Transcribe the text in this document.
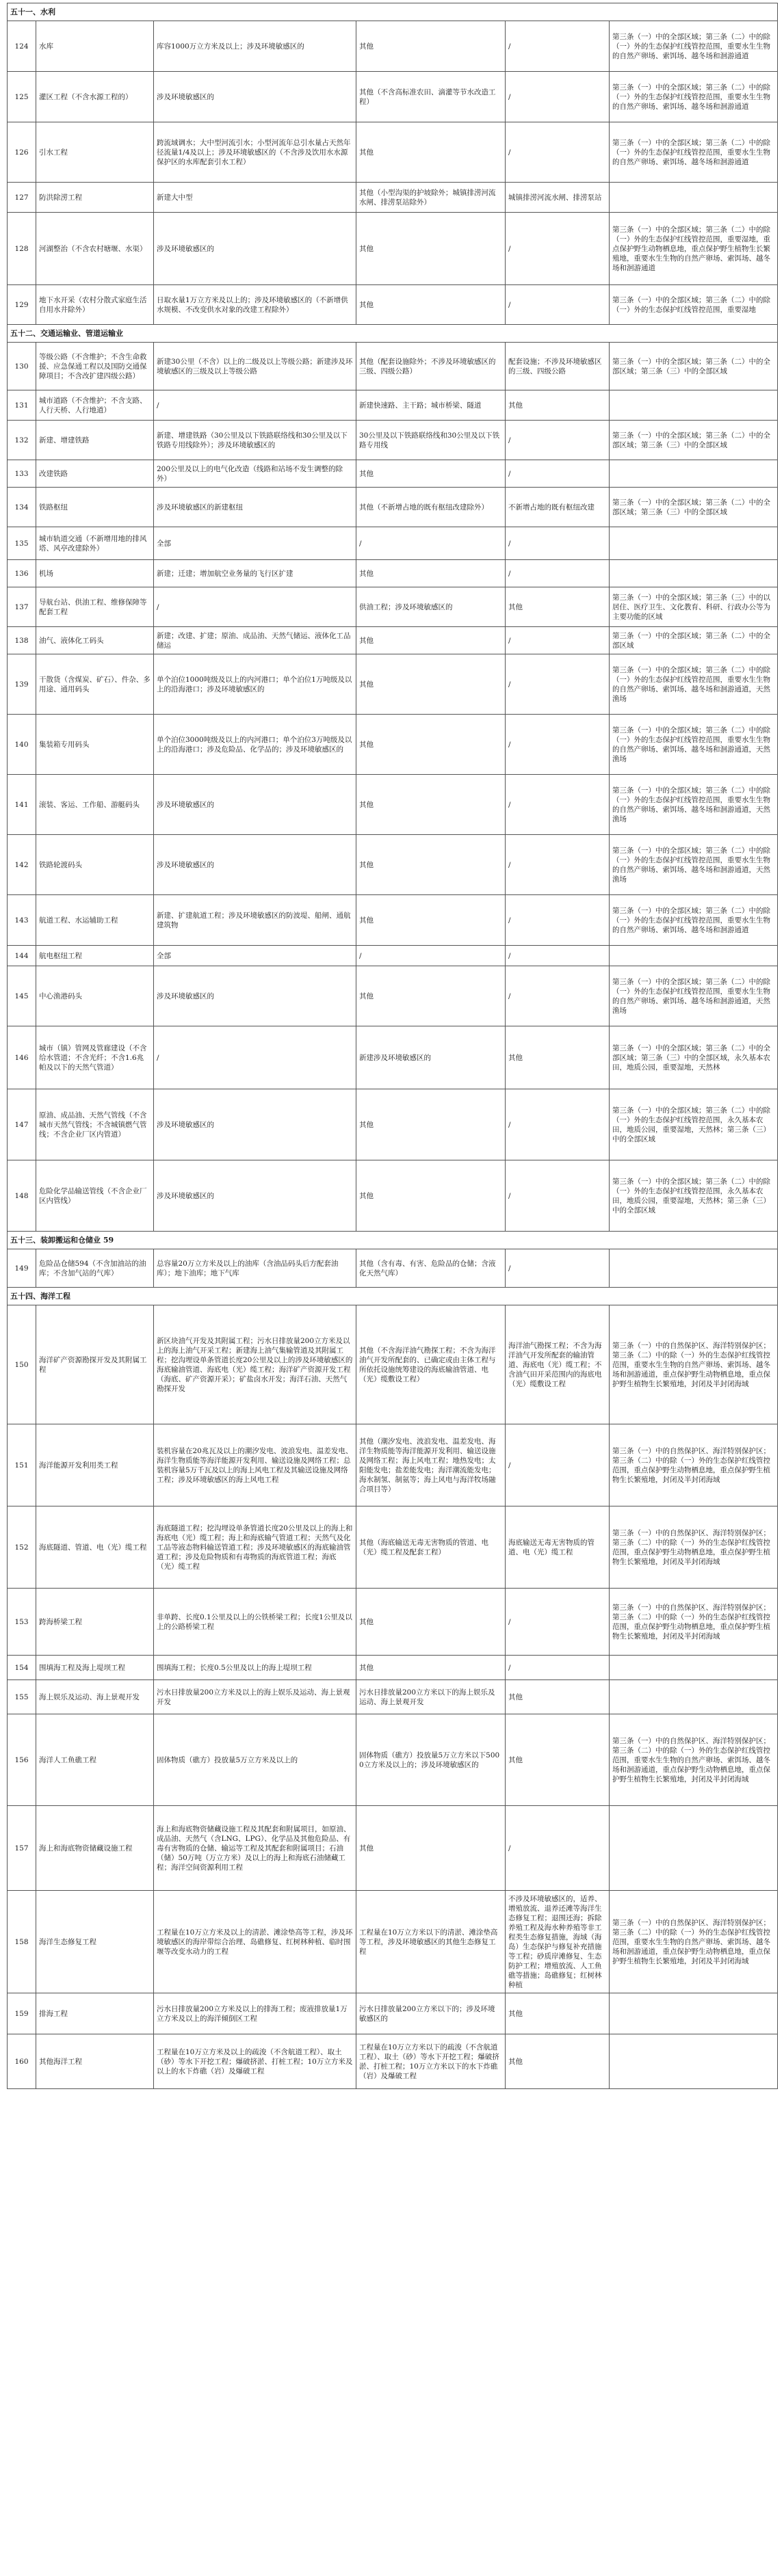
五十一、水利					
124	水库	库容1000万立方米及以上；涉及环境敏感区的	其他	/	第三条（一）中的全部区域；第三条（二）中的除（一）外的生态保护红线管控范围，重要水生生物的自然产卵场、索饵场、越冬场和洄游通道
125	灌区工程（不含水源工程的）	涉及环境敏感区的	其他（不含高标准农田、滴灌等节水改造工程）	/	第三条（一）中的全部区域；第三条（二）中的除（一）外的生态保护红线管控范围，重要水生生物的自然产卵场、索饵场、越冬场和洄游通道
126	引水工程	跨流域调水；大中型河流引水；小型河流年总引水量占天然年径流量1/4及以上；涉及环境敏感区的（不含涉及饮用水水源保护区的水库配套引水工程）	其他	/	第三条（一）中的全部区域；第三条（二）中的除（一）外的生态保护红线管控范围，重要水生生物的自然产卵场、索饵场、越冬场和洄游通道
127	防洪除涝工程	新建大中型	其他（小型沟渠的护坡除外；城镇排涝河流水闸、排涝泵站除外）	城镇排涝河流水闸、排涝泵站	
128	河湖整治（不含农村塘堰、水渠）	涉及环境敏感区的	其他	/	第三条（一）中的全部区域；第三条（二）中的除（一）外的生态保护红线管控范围，重要湿地，重点保护野生动物栖息地，重点保护野生植物生长繁殖地，重要水生生物的自然产卵场、索饵场、越冬场和洄游通道
129	地下水开采（农村分散式家庭生活自用水井除外）	日取水量1万立方米及以上的；涉及环境敏感区的（不新增供水规模、不改变供水对象的改建工程除外）	其他	/	第三条（一）中的全部区域；第三条（二）中的除（一）外的生态保护红线管控范围，重要湿地
五十二、交通运输业、管道运输业					
130	等级公路（不含维护；不含生命救援、应急保通工程以及国防交通保障项目；不含改扩建四级公路）	新建30公里（不含）以上的二级及以上等级公路；新建涉及环境敏感区的三级及以上等级公路	其他（配套设施除外；不涉及环境敏感区的三级、四级公路）	配套设施；不涉及环境敏感区的三级、四级公路	第三条（一）中的全部区域；第三条（二）中的全部区域；第三条（三）中的全部区域
131	城市道路（不含维护；不含支路、人行天桥、人行地道）	/	新建快速路、主干路；城市桥梁、隧道	其他	
132	新建、增建铁路	新建、增建铁路（30公里及以下铁路联络线和30公里及以下铁路专用线除外）；涉及环境敏感区的	30公里及以下铁路联络线和30公里及以下铁路专用线	/	第三条（一）中的全部区域；第三条（二）中的全部区域；第三条（三）中的全部区域
133	改建铁路	200公里及以上的电气化改造（线路和站场不发生调整的除外）	其他	/	
134	铁路枢纽	涉及环境敏感区的新建枢纽	其他（不新增占地的既有枢纽改建除外）	不新增占地的既有枢纽改建	第三条（一）中的全部区域；第三条（二）中的全部区域；第三条（三）中的全部区域
135	城市轨道交通（不新增用地的排风塔、风亭改建除外）	全部	/	/	
136	机场	新建；迁建；增加航空业务量的飞行区扩建	其他	/	
137	导航台站、供油工程、维修保障等配套工程	/	供油工程；涉及环境敏感区的	其他	第三条（一）中的全部区域；第三条（三）中的以居住、医疗卫生、文化教育、科研、行政办公等为主要功能的区域
138	油气、液体化工码头	新建；改建、扩建；原油、成品油、天然气储运、液体化工品储运	其他	/	第三条（一）中的全部区域；第三条（二）中的全部区域
139	干散货（含煤炭、矿石）、件杂、多用途、通用码头	单个泊位1000吨级及以上的内河港口；单个泊位1万吨级及以上的沿海港口；涉及环境敏感区的	其他	/	第三条（一）中的全部区域；第三条（二）中的除（一）外的生态保护红线管控范围，重要水生生物的自然产卵场、索饵场、越冬场和洄游通道，天然渔场
140	集装箱专用码头	单个泊位3000吨级及以上的内河港口；单个泊位3万吨级及以上的沿海港口；涉及危险品、化学品的；涉及环境敏感区的	其他	/	第三条（一）中的全部区域；第三条（二）中的除（一）外的生态保护红线管控范围，重要水生生物的自然产卵场、索饵场、越冬场和洄游通道，天然渔场
141	滚装、客运、工作船、游艇码头	涉及环境敏感区的	其他	/	第三条（一）中的全部区域；第三条（二）中的除（一）外的生态保护红线管控范围，重要水生生物的自然产卵场、索饵场、越冬场和洄游通道，天然渔场
142	铁路轮渡码头	涉及环境敏感区的	其他	/	第三条（一）中的全部区域；第三条（二）中的除（一）外的生态保护红线管控范围，重要水生生物的自然产卵场、索饵场、越冬场和洄游通道，天然渔场
143	航道工程、水运辅助工程	新建、扩建航道工程；涉及环境敏感区的防波堤、船闸、通航建筑物	其他	/	第三条（一）中的全部区域；第三条（二）中的除（一）外的生态保护红线管控范围，重要水生生物的自然产卵场、索饵场、越冬场和洄游通道
144	航电枢纽工程	全部	/	/	
145	中心渔港码头	涉及环境敏感区的	其他	/	第三条（一）中的全部区域；第三条（二）中的除（一）外的生态保护红线管控范围，重要水生生物的自然产卵场、索饵场、越冬场和洄游通道，天然渔场
146	城市（镇）管网及管廊建设（不含给水管道；不含光纤；不含1.6兆帕及以下的天然气管道）	/	新建涉及环境敏感区的	其他	第三条（一）中的全部区域；第三条（二）中的全部区域；第三条（三）中的全部区域，永久基本农田，地质公园，重要湿地，天然林
147	原油、成品油、天然气管线（不含城市天然气管线；不含城镇燃气管线；不含企业厂区内管道）	涉及环境敏感区的	其他	/	第三条（一）中的全部区域；第三条（二）中的除（一）外的生态保护红线管控范围，永久基本农田，地质公园，重要湿地，天然林；第三条（三）中的全部区域
148	危险化学品输送管线（不含企业厂区内管线）	涉及环境敏感区的	其他	/	第三条（一）中的全部区域；第三条（二）中的除（一）外的生态保护红线管控范围，永久基本农田，地质公园，重要湿地，天然林；第三条（三）中的全部区域
五十三、装卸搬运和仓储业 59					
149	危险品仓储594（不含加油站的油库；不含加气站的气库）	总容量20万立方米及以上的油库（含油品码头后方配套油库）；地下油库；地下气库	其他（含有毒、有害、危险品的仓储；含液化天然气库）	/	
五十四、海洋工程					
150	海洋矿产资源勘探开发及其附属工程	新区块油气开发及其附属工程；污水日排放量200立方米及以上的海上油气开采工程；新建海上油气集输管道及其附属工程；挖沟埋设单条管道长度20公里及以上的涉及环境敏感区的海底输油管道、海底电（光）缆工程；海洋矿产资源开发工程（海底、矿产资源开采）；矿盐卤水开发；海洋石油、天然气勘探开发	其他（不含海洋油气勘探工程；不含为海洋油气开发所配套的、已确定或由主体工程与所依托设施统筹建设的海底输油管道、电（光）缆敷设工程）	海洋油气勘探工程；不含为海洋油气开发所配套的输油管道、海底电（光）缆工程；不含油气田开采范围内的海底电（光）缆敷设工程	第三条（一）中的自然保护区、海洋特别保护区；第三条（二）中的除（一）外的生态保护红线管控范围，重要水生生物的自然产卵场、索饵场、越冬场和洄游通道，重点保护野生动物栖息地，重点保护野生植物生长繁殖地，封闭及半封闭海域
151	海洋能源开发利用类工程	装机容量在20兆瓦及以上的潮汐发电、波浪发电、温差发电、海洋生物质能等海洋能源开发利用、输送设施及网络工程；总装机容量5万千瓦及以上的海上风电工程及其输送设施及网络工程；涉及环境敏感区的海上风电工程	其他（潮汐发电、波浪发电、温差发电、海洋生物质能等海洋能源开发利用、输送设施及网络工程；海上风电工程；地热发电；太阳能发电；盐差能发电；海洋潮流能发电；海水制氢、制氨等；海上风电与海洋牧场融合项目等）	/	第三条（一）中的自然保护区、海洋特别保护区；第三条（二）中的除（一）外的生态保护红线管控范围，重点保护野生动物栖息地，重点保护野生植物生长繁殖地，封闭及半封闭海域
152	海底隧道、管道、电（光）缆工程	海底隧道工程；挖沟埋设单条管道长度20公里及以上的海上和海底电（光）缆工程；海上和海底输气管道工程；天然气及化工品等液态物料输送管道工程；涉及环境敏感区的海底输油管道工程；涉及危险物质和有毒物质的海底管道工程；海底（光）缆工程	其他（海底输送无毒无害物质的管道、电（光）缆工程及配套工程）	海底输送无毒无害物质的管道、电（光）缆工程	第三条（一）中的自然保护区、海洋特别保护区；第三条（二）中的除（一）外的生态保护红线管控范围，重点保护野生动物栖息地，重点保护野生植物生长繁殖地，封闭及半封闭海域
153	跨海桥梁工程	非单跨、长度0.1公里及以上的公铁桥梁工程；长度1公里及以上的公路桥梁工程	其他	/	第三条（一）中的自然保护区、海洋特别保护区；第三条（二）中的除（一）外的生态保护红线管控范围，重点保护野生动物栖息地，重点保护野生植物生长繁殖地，封闭及半封闭海域
154	围填海工程及海上堤坝工程	围填海工程；长度0.5公里及以上的海上堤坝工程	其他	/	
155	海上娱乐及运动、海上景观开发	污水日排放量200立方米及以上的海上娱乐及运动、海上景观开发	污水日排放量200立方米以下的海上娱乐及运动、海上景观开发	其他	
156	海洋人工鱼礁工程	固体物质（礁方）投放量5万立方米及以上的	固体物质（礁方）投放量5万立方米以下5000立方米及以上的；涉及环境敏感区的	其他	第三条（一）中的自然保护区、海洋特别保护区；第三条（二）中的除（一）外的生态保护红线管控范围，重要水生生物的自然产卵场、索饵场、越冬场和洄游通道，重点保护野生动物栖息地，重点保护野生植物生长繁殖地，封闭及半封闭海域
157	海上和海底物资储藏设施工程	海上和海底物资储藏设施工程及其配套和附属项目，如原油、成品油、天然气（含LNG、LPG）、化学品及其他危险品、有毒有害物质的仓储、输运等工程及其配套和附属项目；石油（储）50万吨（万立方米）及以上的海上和海底石油储藏工程；海洋空间资源利用工程	其他	/	
158	海洋生态修复工程	工程量在10万立方米及以上的清淤、滩涂垫高等工程，涉及环境敏感区的海岸带综合治理、岛礁修复、红树林种植、临时围堰等改变水动力的工程	工程量在10万立方米以下的清淤、滩涂垫高等工程，涉及环境敏感区的其他生态修复工程	不涉及环境敏感区的，适养、增殖放流、退养还滩等海洋生态修复工程；退围还海；拆除养殖工程及海水种养殖等非工程类生态修复措施，海域（海岛）生态保护与修复补充措施等工程；砂质岸滩修复、生态防护工程；增殖放流、人工鱼礁等措施；岛礁修复；红树林种植	第三条（一）中的自然保护区、海洋特别保护区；第三条（二）中的除（一）外的生态保护红线管控范围，重要水生生物的自然产卵场、索饵场、越冬场和洄游通道，重点保护野生动物栖息地，重点保护野生植物生长繁殖地，封闭及半封闭海域
159	排海工程	污水日排放量200立方米及以上的排海工程；废液排放量1万立方米及以上的海洋倾倒区工程	污水日排放量200立方米以下的；涉及环境敏感区的	其他	
160	其他海洋工程	工程量在10万立方米及以上的疏浚（不含航道工程）、取土（砂）等水下开挖工程；爆破挤淤、打桩工程；10万立方米及以上的水下炸礁（岩）及爆破工程	工程量在10万立方米以下的疏浚（不含航道工程）、取土（砂）等水下开挖工程；爆破挤淤、打桩工程；10万立方米以下的水下炸礁（岩）及爆破工程	其他	
